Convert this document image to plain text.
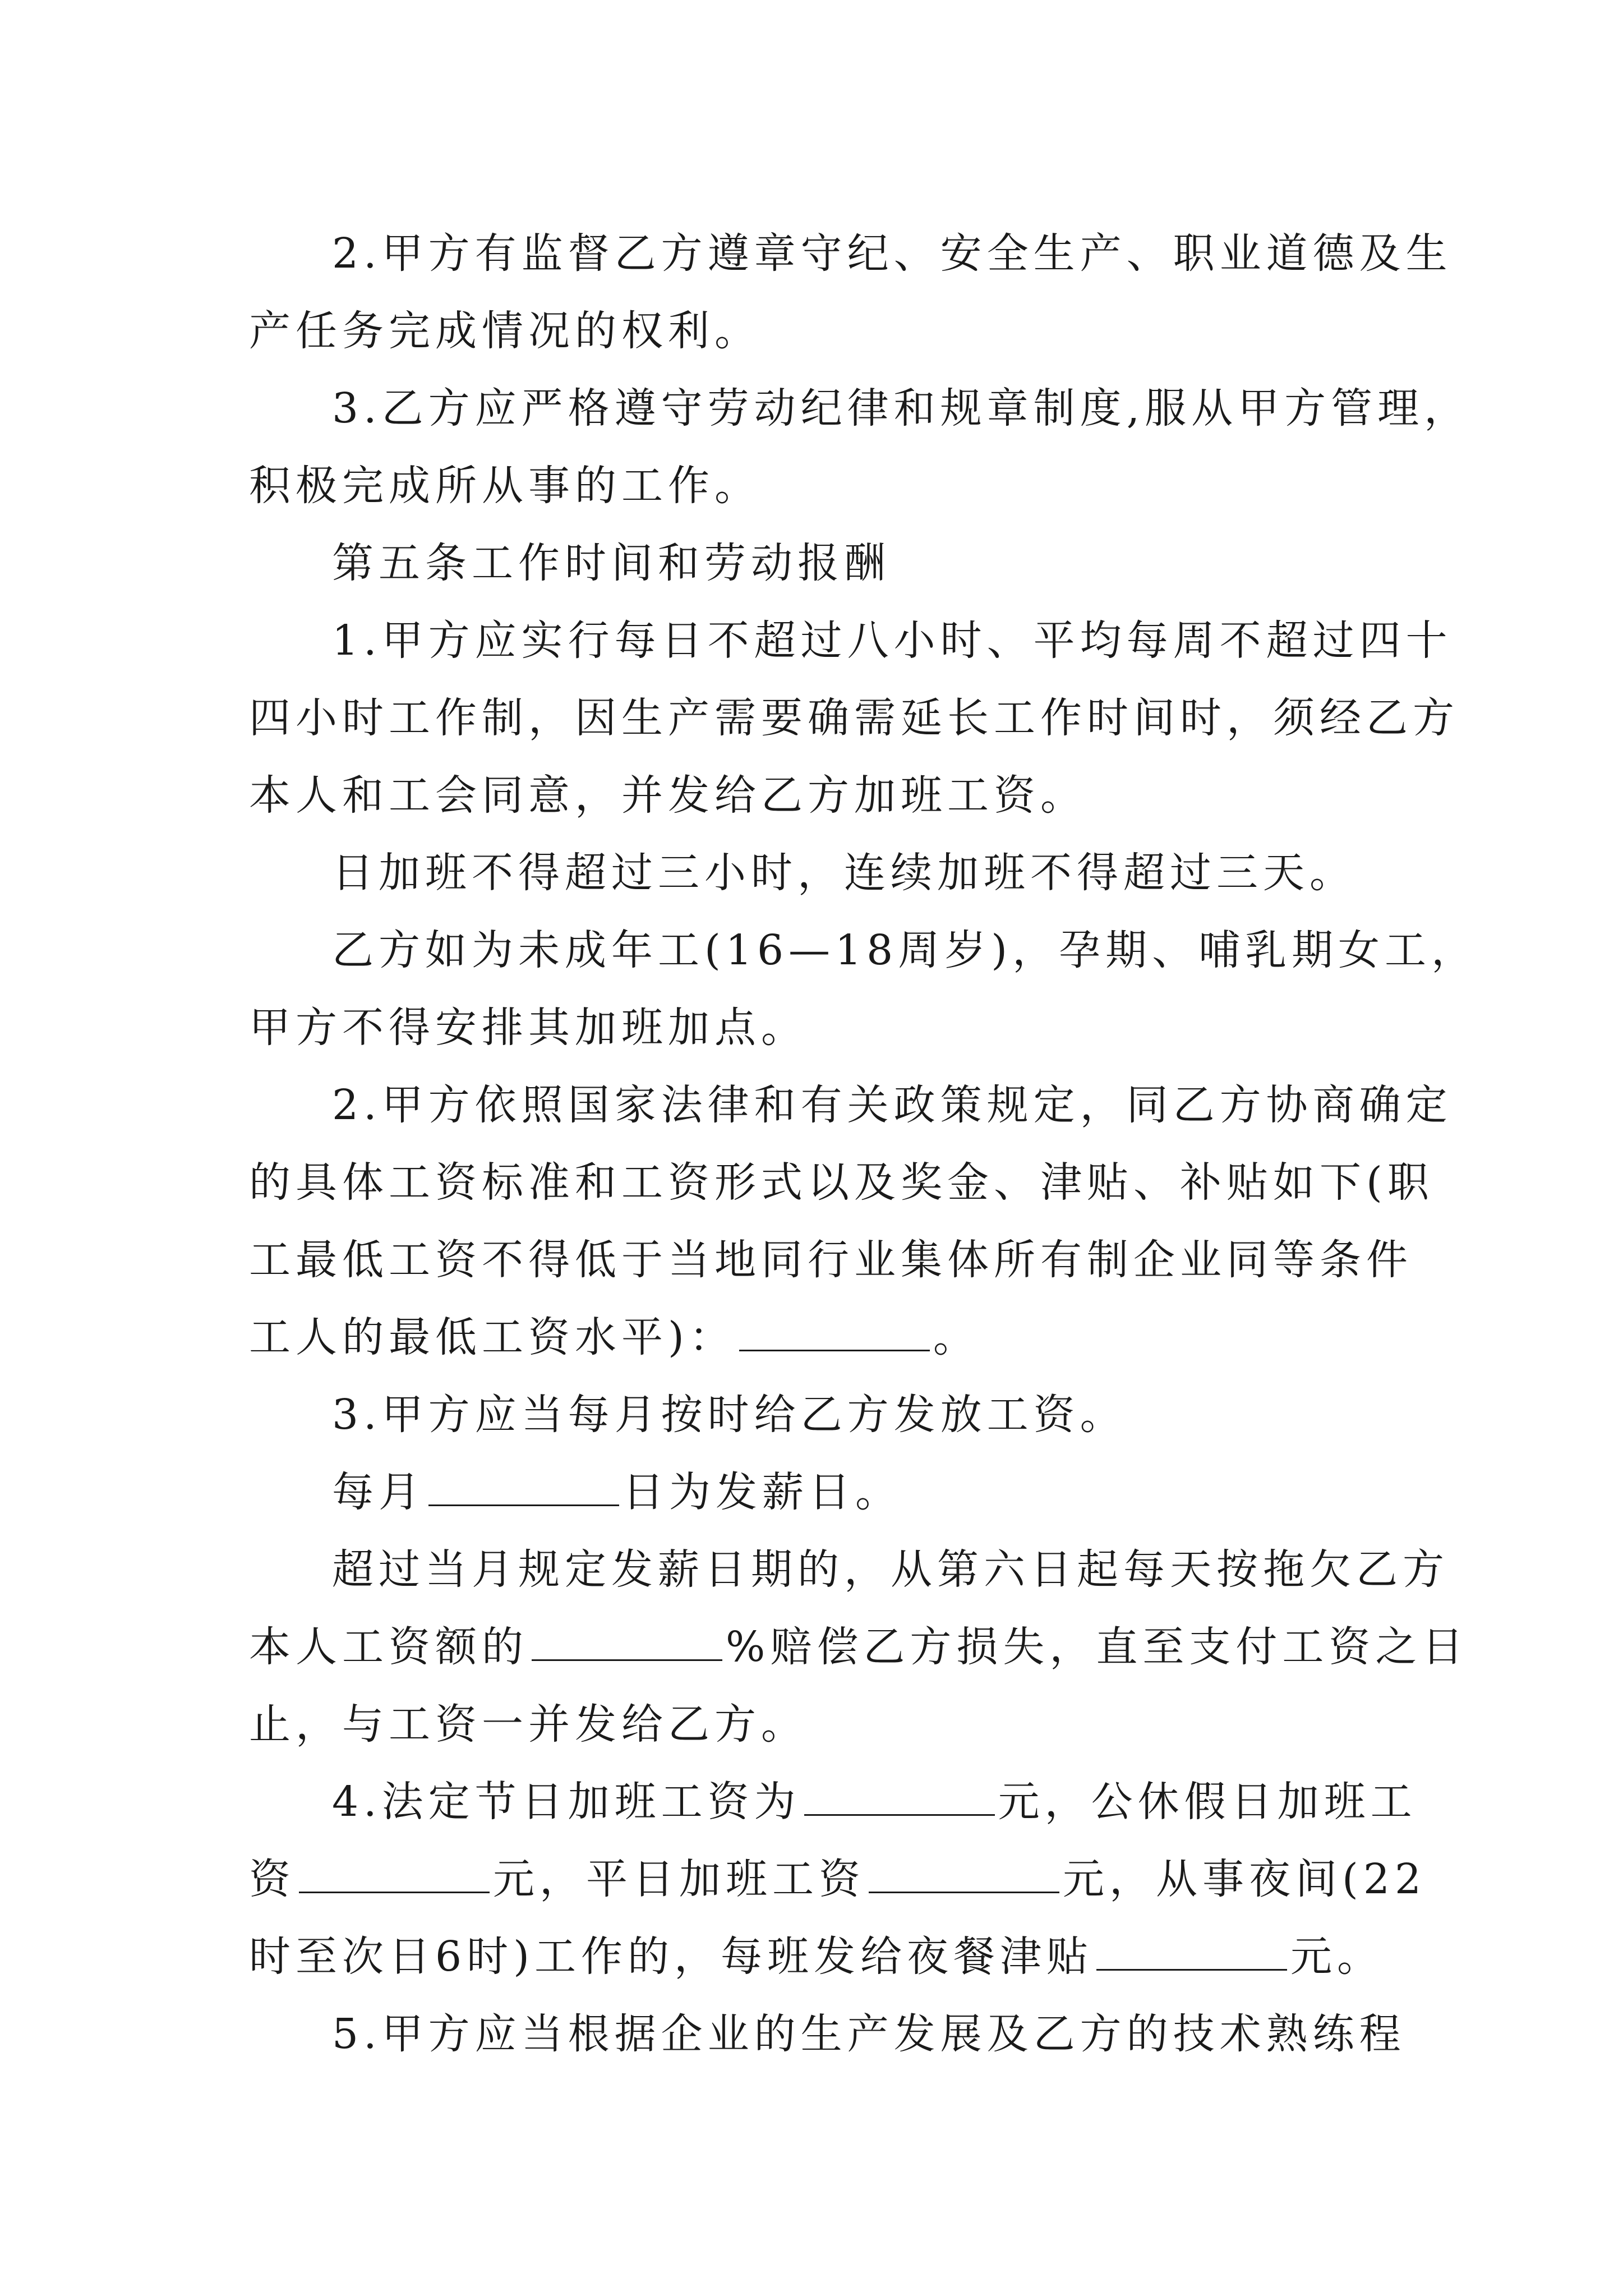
2.甲方有监督乙方遵章守纪、安全生产、职业道德及生

产任务完成情况的权利。

3.乙方应严格遵守劳动纪律和规章制度,服从甲方管理，

积极完成所从事的工作。

第五条工作时间和劳动报酬

1.甲方应实行每日不超过八小时、平均每周不超过四十

四小时工作制，因生产需要确需延长工作时间时，须经乙方

本人和工会同意，并发给乙方加班工资。

日加班不得超过三小时，连续加班不得超过三天。

乙方如为未成年工(16—18周岁)，孕期、哺乳期女工，

甲方不得安排其加班加点。

2.甲方依照国家法律和有关政策规定，同乙方协商确定

的具体工资标准和工资形式以及奖金、津贴、补贴如下(职

工最低工资不得低于当地同行业集体所有制企业同等条件

工人的最低工资水平)：	。

3.甲方应当每月按时给乙方发放工资。

每月	日为发薪日。

超过当月规定发薪日期的，从第六日起每天按拖欠乙方

本人工资额的	%赔偿乙方损失，直至支付工资之日

止，与工资一并发给乙方。

4.法定节日加班工资为	元，公休假日加班工

资	元，平日加班工资	元，从事夜间(22

时至次日6时)工作的，每班发给夜餐津贴	元。

5.甲方应当根据企业的生产发展及乙方的技术熟练程
